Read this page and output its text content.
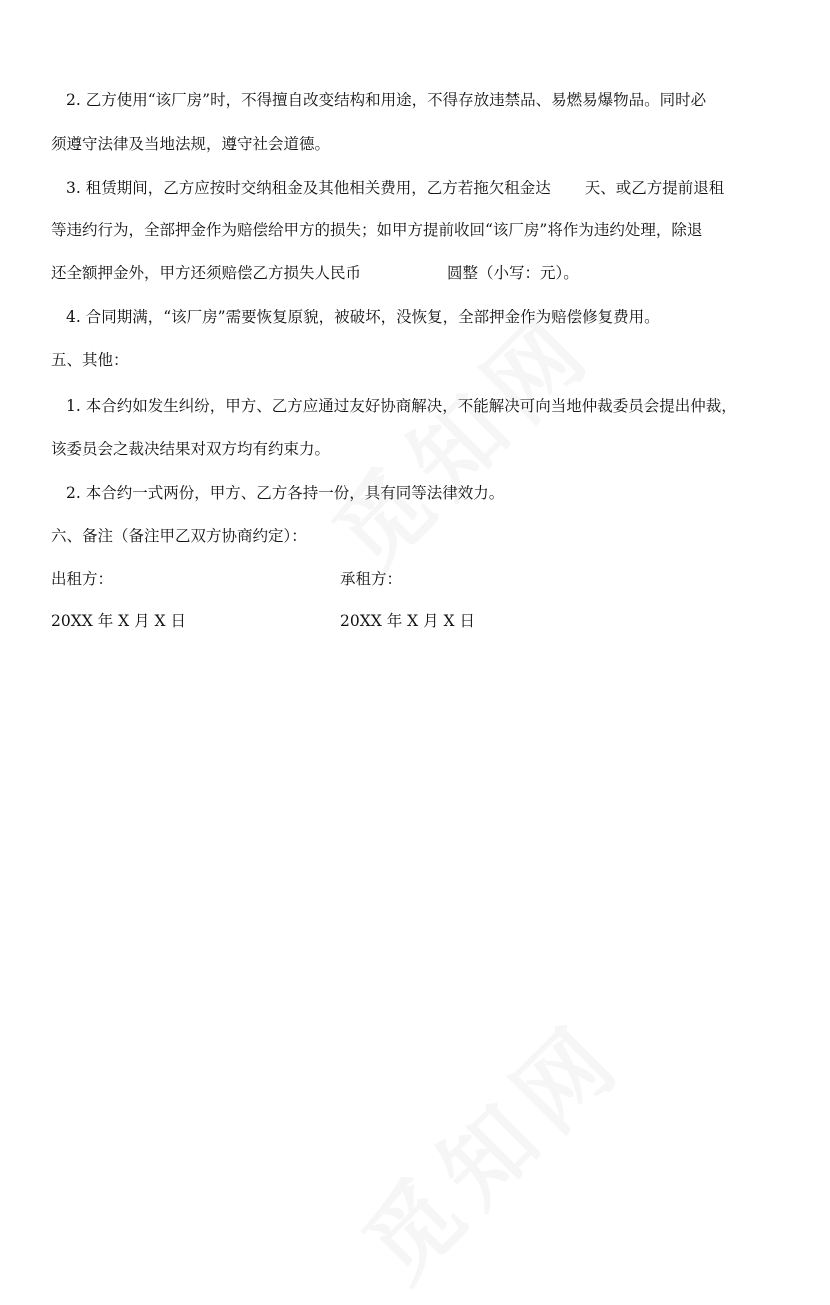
2. 乙方使用“该厂房”时，不得擅自改变结构和用途，不得存放违禁品、易燃易爆物品。同时必
须遵守法律及当地法规，遵守社会道德。
3. 租赁期间，乙方应按时交纳租金及其他相关费用，乙方若拖欠租金达 天、或乙方提前退租
等违约行为，全部押金作为赔偿给甲方的损失；如甲方提前收回“该厂房”将作为违约处理，除退
还全额押金外，甲方还须赔偿乙方损失人民币	圆整（小写：元）。
4. 合同期满，“该厂房”需要恢复原貌，被破坏，没恢复，全部押金作为赔偿修复费用。
五、其他：
1. 本合约如发生纠纷，甲方、乙方应通过友好协商解决，不能解决可向当地仲裁委员会提出仲裁，
该委员会之裁决结果对双方均有约束力。
2. 本合约一式两份，甲方、乙方各持一份，具有同等法律效力。
六、备注（备注甲乙双方协商约定）：
出租方：	承租方：
20XX 年 X 月 X 日	20XX 年 X 月 X 日
